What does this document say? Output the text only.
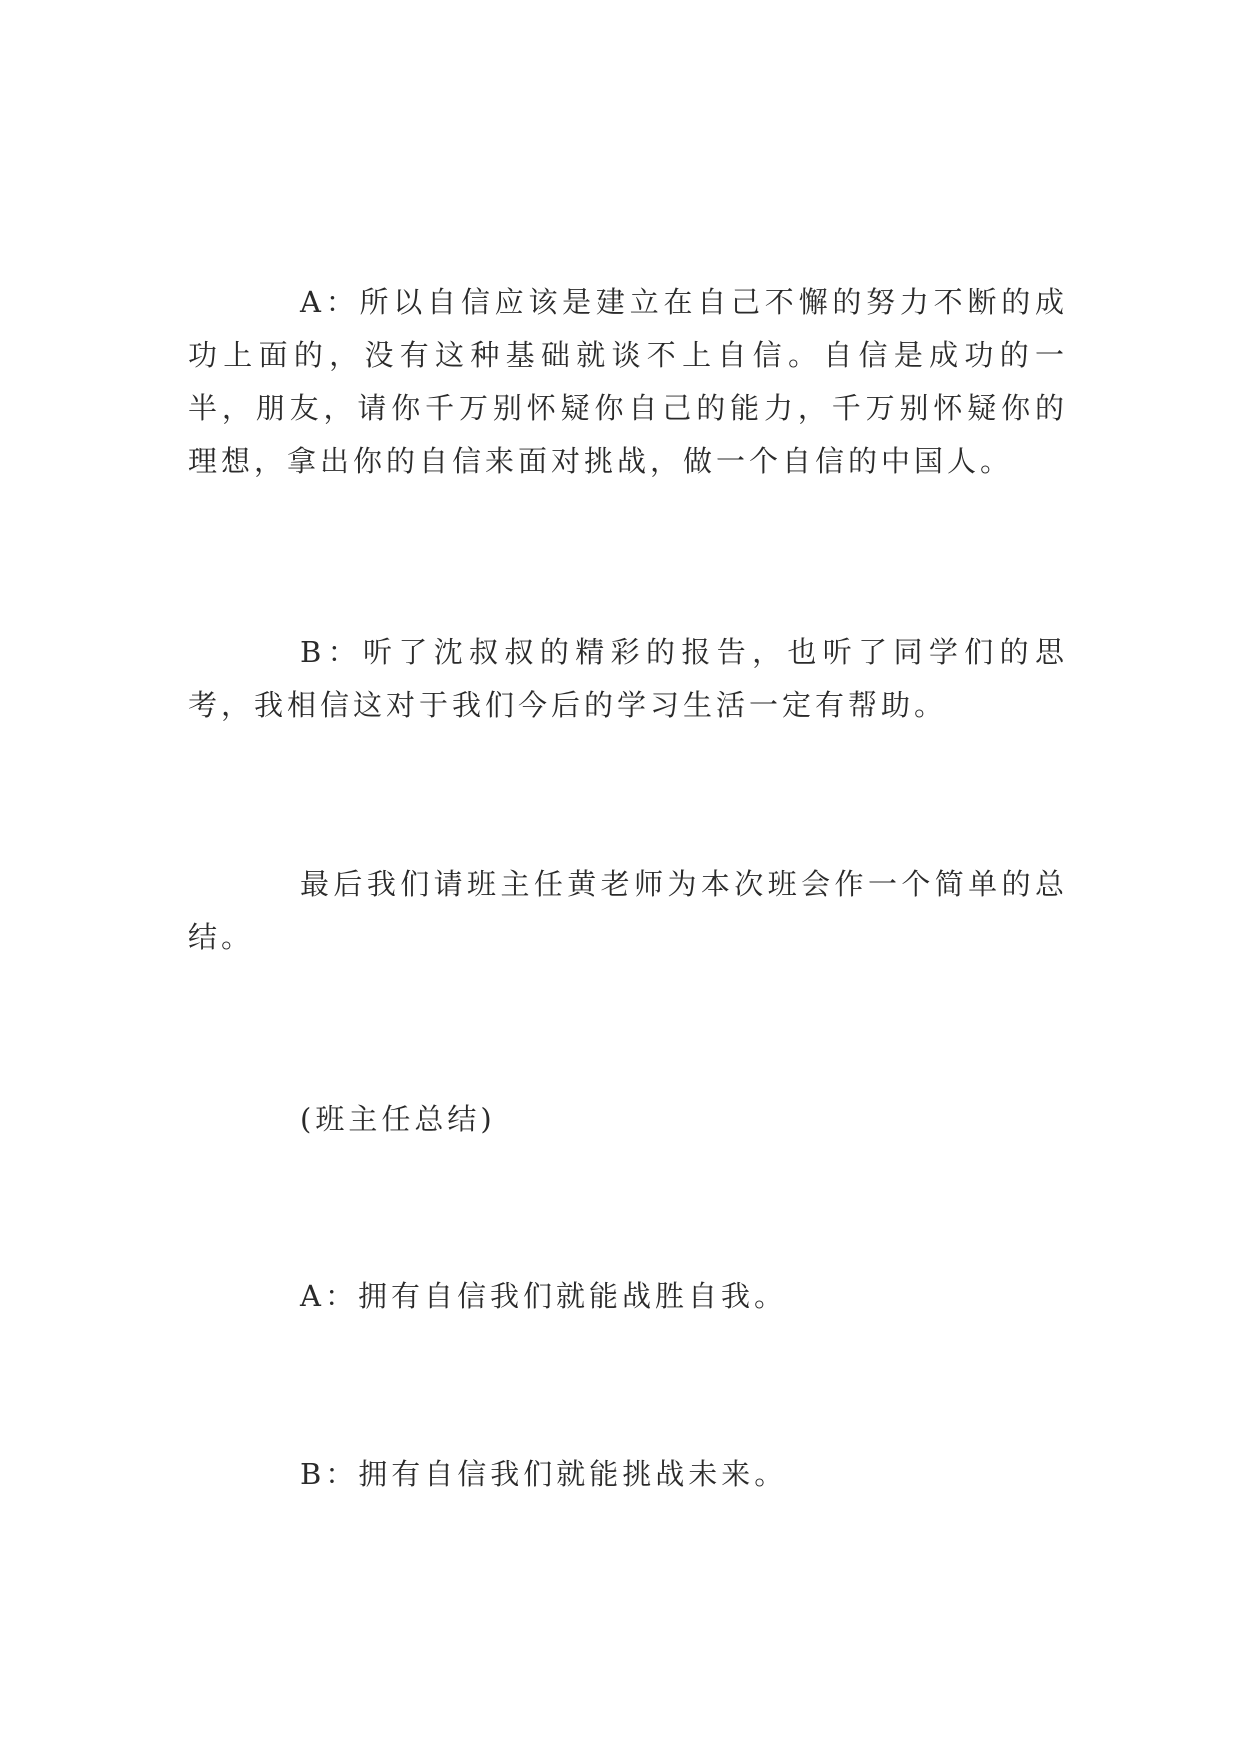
A：所以自信应该是建立在自己不懈的努力不断的成功上面的，没有这种基础就谈不上自信。自信是成功的一半，朋友，请你千万别怀疑你自己的能力，千万别怀疑你的理想，拿出你的自信来面对挑战，做一个自信的中国人。

B：听了沈叔叔的精彩的报告，也听了同学们的思考，我相信这对于我们今后的学习生活一定有帮助。

最后我们请班主任黄老师为本次班会作一个简单的总结。

(班主任总结)

A：拥有自信我们就能战胜自我。

B：拥有自信我们就能挑战未来。
